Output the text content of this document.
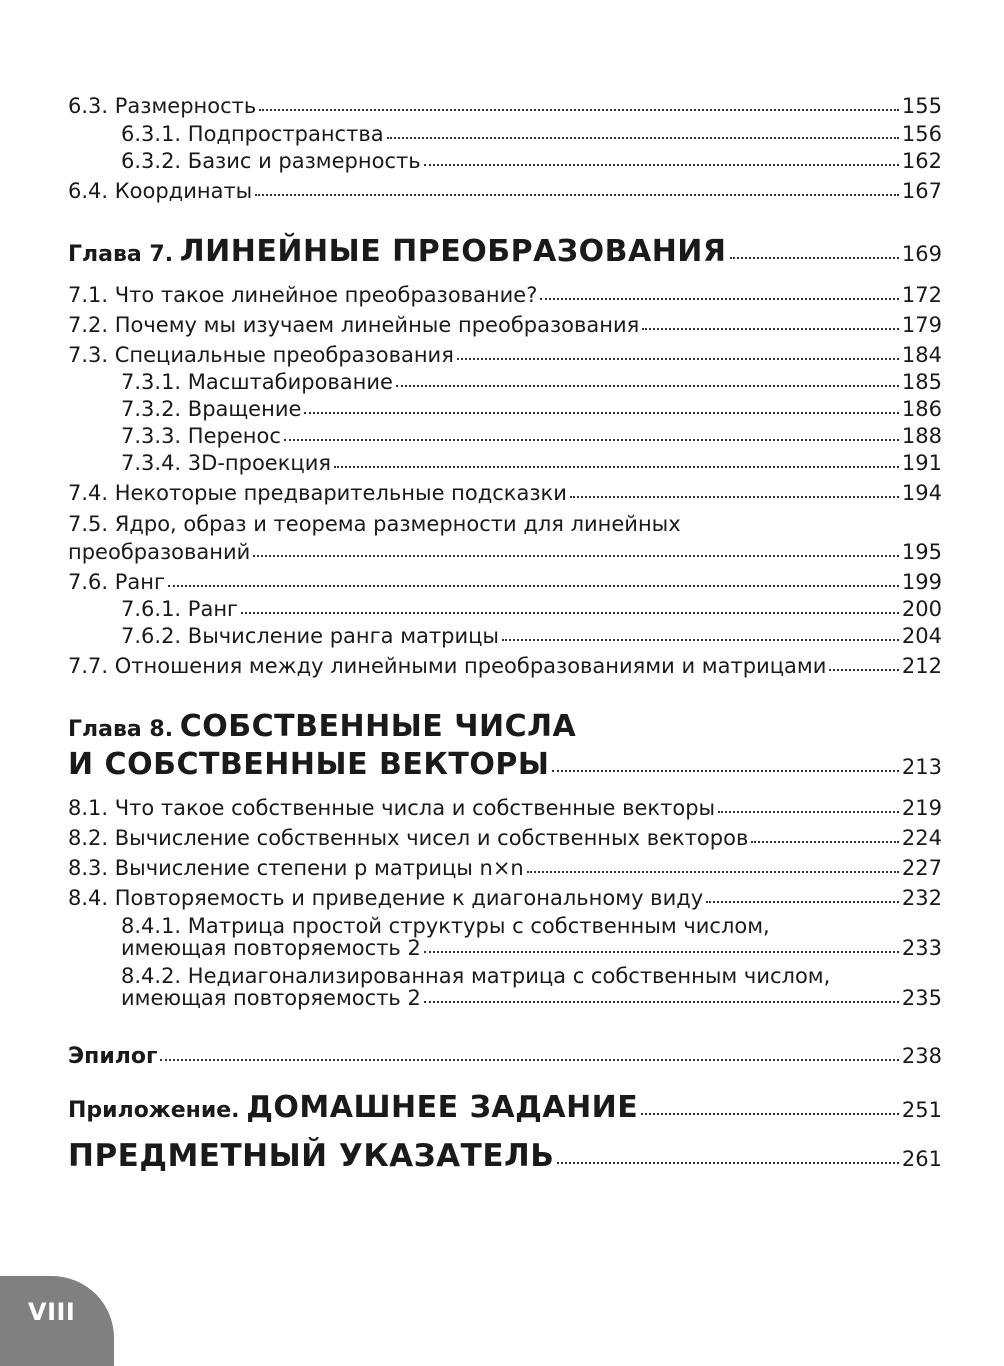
6.3. Размерность	155
6.3.1. Подпространства	156
6.3.2. Базис и размерность	162
6.4. Координаты	167
Глава 7. ЛИНЕЙНЫЕ ПРЕОБРАЗОВАНИЯ	169
7.1. Что такое линейное преобразование?	172
7.2. Почему мы изучаем линейные преобразования	179
7.3. Специальные преобразования	184
7.3.1. Масштабирование	185
7.3.2. Вращение	186
7.3.3. Перенос	188
7.3.4. 3D-проекция	191
7.4. Некоторые предварительные подсказки	194
7.5. Ядро, образ и теорема размерности для линейных
преобразований	195
7.6. Ранг	199
7.6.1. Ранг	200
7.6.2. Вычисление ранга матрицы	204
7.7. Отношения между линейными преобразованиями и матрицами	212
Глава 8. СОБСТВЕННЫЕ ЧИСЛА
И СОБСТВЕННЫЕ ВЕКТОРЫ	213
8.1. Что такое собственные числа и собственные векторы	219
8.2. Вычисление собственных чисел и собственных векторов	224
8.3. Вычисление степени p матрицы n×n	227
8.4. Повторяемость и приведение к диагональному виду	232
8.4.1. Матрица простой структуры с собственным числом,
имеющая повторяемость 2	233
8.4.2. Недиагонализированная матрица с собственным числом,
имеющая повторяемость 2	235
Эпилог	238
Приложение. ДОМАШНЕЕ ЗАДАНИЕ	251
ПРЕДМЕТНЫЙ УКАЗАТЕЛЬ	261
VIII
